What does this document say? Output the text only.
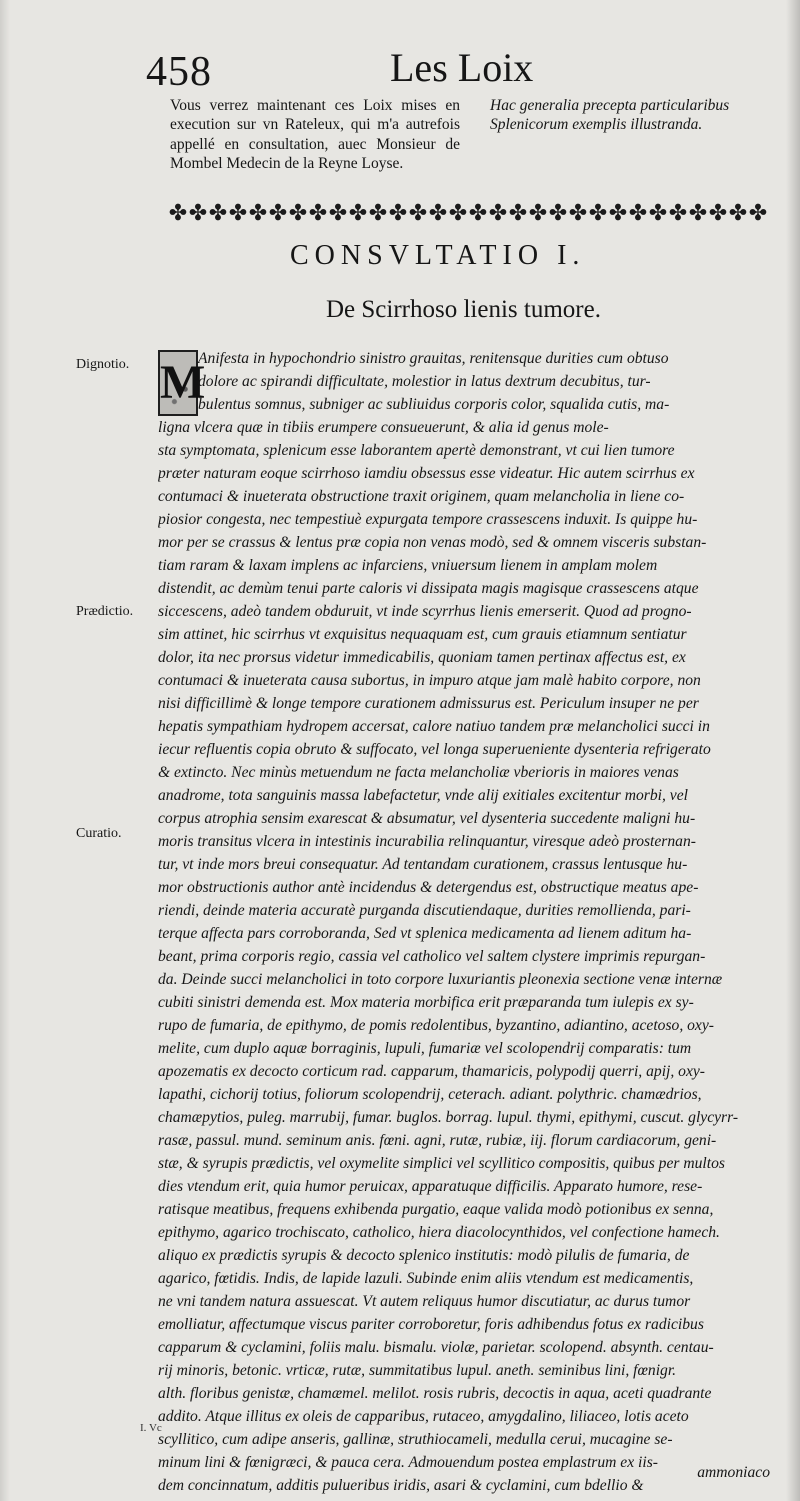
458	Les Loix
Vous verrez maintenant ces Loix mises en execution sur vn Rateleux, qui m'a autrefois appellé en consultation, auec Monsieur de Mombel Medecin de la Reyne Loyse.
Hac generalia precepta particularibus Splenicorum exemplis illustranda.
✤✤✤✤✤✤✤✤✤✤✤✤✤✤✤✤✤✤✤✤✤✤✤✤✤✤✤✤✤✤
CONSVLTATIO I.
De Scirrhoso lienis tumore.
Dignotio.
Prædictio.
Curatio.
M
Anifesta in hypochondrio sinistro grauitas, renitensque durities cum obtuso
dolore ac spirandi difficultate, molestior in latus dextrum decubitus, tur-
bulentus somnus, subniger ac subliuidus corporis color, squalida cutis, ma-
ligna vlcera quæ in tibiis erumpere consueuerunt, & alia id genus mole-
sta symptomata, splenicum esse laborantem apertè demonstrant, vt cui lien tumore
præter naturam eoque scirrhoso iamdiu obsessus esse videatur. Hic autem scirrhus ex
contumaci & inueterata obstructione traxit originem, quam melancholia in liene co-
piosior congesta, nec tempestiuè expurgata tempore crassescens induxit. Is quippe hu-
mor per se crassus & lentus præ copia non venas modò, sed & omnem visceris substan-
tiam raram & laxam implens ac infarciens, vniuersum lienem in amplam molem
distendit, ac demùm tenui parte caloris vi dissipata magis magisque crassescens atque
siccescens, adeò tandem obduruit, vt inde scyrrhus lienis emerserit. Quod ad progno-
sim attinet, hic scirrhus vt exquisitus nequaquam est, cum grauis etiamnum sentiatur
dolor, ita nec prorsus videtur immedicabilis, quoniam tamen pertinax affectus est, ex
contumaci & inueterata causa subortus, in impuro atque jam malè habito corpore, non
nisi difficillimè & longe tempore curationem admissurus est. Periculum insuper ne per
hepatis sympathiam hydropem accersat, calore natiuo tandem præ melancholici succi in
iecur refluentis copia obruto & suffocato, vel longa superueniente dysenteria refrigerato
& extincto. Nec minùs metuendum ne facta melancholiæ vberioris in maiores venas
anadrome, tota sanguinis massa labefactetur, vnde alij exitiales excitentur morbi, vel
corpus atrophia sensim exarescat & absumatur, vel dysenteria succedente maligni hu-
moris transitus vlcera in intestinis incurabilia relinquantur, viresque adeò prosternan-
tur, vt inde mors breui consequatur. Ad tentandam curationem, crassus lentusque hu-
mor obstructionis author antè incidendus & detergendus est, obstructique meatus ape-
riendi, deinde materia accuratè purganda discutiendaque, durities remollienda, pari-
terque affecta pars corroboranda, Sed vt splenica medicamenta ad lienem aditum ha-
beant, prima corporis regio, cassia vel catholico vel saltem clystere imprimis repurgan-
da. Deinde succi melancholici in toto corpore luxuriantis pleonexia sectione venæ internæ
cubiti sinistri demenda est. Mox materia morbifica erit præparanda tum iulepis ex sy-
rupo de fumaria, de epithymo, de pomis redolentibus, byzantino, adiantino, acetoso, oxy-
melite, cum duplo aquæ borraginis, lupuli, fumariæ vel scolopendrij comparatis: tum
apozematis ex decocto corticum rad. capparum, thamaricis, polypodij querri, apij, oxy-
lapathi, cichorij totius, foliorum scolopendrij, ceterach. adiant. polythric. chamædrios,
chamæpytios, puleg. marrubij, fumar. buglos. borrag. lupul. thymi, epithymi, cuscut. glycyrr-
rasæ, passul. mund. seminum anis. fœni. agni, rutæ, rubiæ, iij. florum cardiacorum, geni-
stæ, & syrupis prædictis, vel oxymelite simplici vel scyllitico compositis, quibus per multos
dies vtendum erit, quia humor peruicax, apparatuque difficilis. Apparato humore, rese-
ratisque meatibus, frequens exhibenda purgatio, eaque valida modò potionibus ex senna,
epithymo, agarico trochiscato, catholico, hiera diacolocynthidos, vel confectione hamech.
aliquo ex prædictis syrupis & decocto splenico institutis: modò pilulis de fumaria, de
agarico, fœtidis. Indis, de lapide lazuli. Subinde enim aliis vtendum est medicamentis,
ne vni tandem natura assuescat. Vt autem reliquus humor discutiatur, ac durus tumor
emolliatur, affectumque viscus pariter corroboretur, foris adhibendus fotus ex radicibus
capparum & cyclamini, foliis malu. bismalu. violæ, parietar. scolopend. absynth. centau-
rij minoris, betonic. vrticæ, rutæ, summitatibus lupul. aneth. seminibus lini, fœnigr.
alth. floribus genistæ, chamæmel. melilot. rosis rubris, decoctis in aqua, aceti quadrante
addito. Atque illitus ex oleis de capparibus, rutaceo, amygdalino, liliaceo, lotis aceto
scyllitico, cum adipe anseris, gallinæ, struthiocameli, medulla cerui, mucagine se-
minum lini & fœnigræci, & pauca cera. Admouendum postea emplastrum ex iis-
dem concinnatum, additis pulueribus iridis, asari & cyclamini, cum bdellio &
I. Vc
ammoniaco
